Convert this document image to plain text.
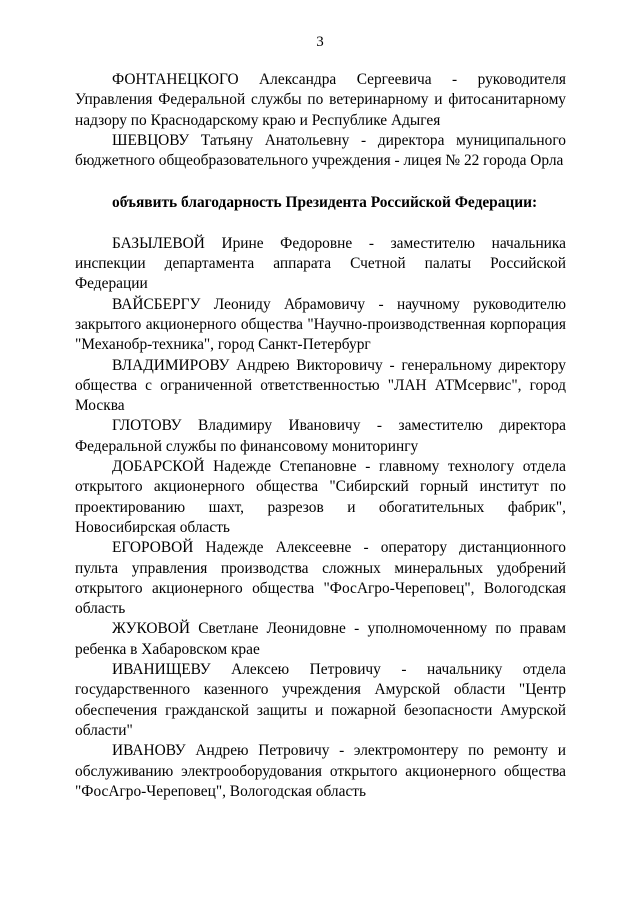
3

ФОНТАНЕЦКОГО Александра Сергеевича - руководителя Управления Федеральной службы по ветеринарному и фитосанитарному надзору по Краснодарскому краю и Республике Адыгея

ШЕВЦОВУ Татьяну Анатольевну - директора муниципального бюджетного общеобразовательного учреждения - лицея № 22 города Орла

объявить благодарность Президента Российской Федерации:

БАЗЫЛЕВОЙ Ирине Федоровне - заместителю начальника инспекции департамента аппарата Счетной палаты Российской Федерации

ВАЙСБЕРГУ Леониду Абрамовичу - научному руководителю закрытого акционерного общества "Научно-производственная корпорация "Механобр-техника", город Санкт-Петербург

ВЛАДИМИРОВУ Андрею Викторовичу - генеральному директору общества с ограниченной ответственностью "ЛАН АТМсервис", город Москва

ГЛОТОВУ Владимиру Ивановичу - заместителю директора Федеральной службы по финансовому мониторингу

ДОБАРСКОЙ Надежде Степановне - главному технологу отдела открытого акционерного общества "Сибирский горный институт по проектированию шахт, разрезов и обогатительных фабрик", Новосибирская область

ЕГОРОВОЙ Надежде Алексеевне - оператору дистанционного пульта управления производства сложных минеральных удобрений открытого акционерного общества "ФосАгро-Череповец", Вологодская область

ЖУКОВОЙ Светлане Леонидовне - уполномоченному по правам ребенка в Хабаровском крае

ИВАНИЩЕВУ Алексею Петровичу - начальнику отдела государственного казенного учреждения Амурской области "Центр обеспечения гражданской защиты и пожарной безопасности Амурской области"

ИВАНОВУ Андрею Петровичу - электромонтеру по ремонту и обслуживанию электрооборудования открытого акционерного общества "ФосАгро-Череповец", Вологодская область
